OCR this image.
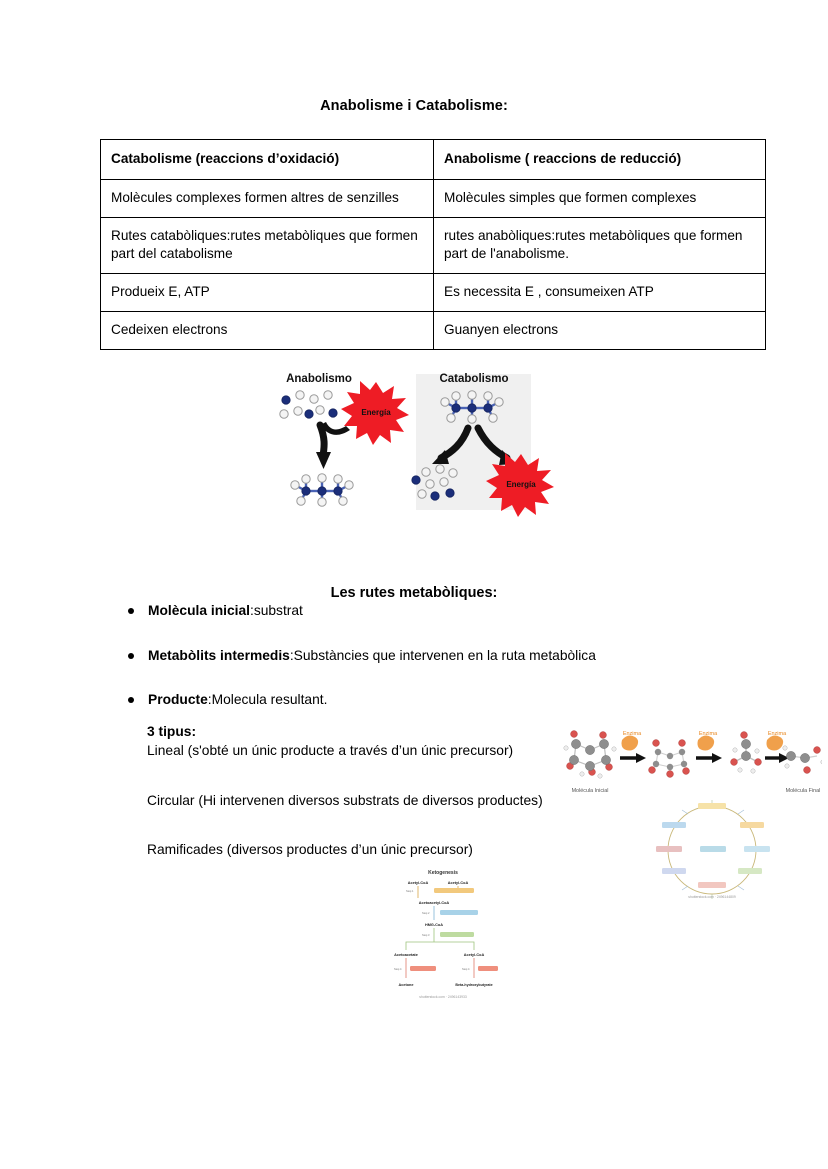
Anabolisme i Catabolisme:
Catabolisme (reaccions d’oxidació)	Anabolisme ( reaccions de reducció)
Molècules complexes formen altres de senzilles	Molècules simples que formen complexes
Rutes catabòliques:rutes metabòliques que formen part del catabolisme	rutes anabòliques:rutes metabòliques que formen part de l'anabolisme.
Produeix E, ATP	Es necessita E , consumeixen ATP
Cedeixen electrons	Guanyen electrons
Anabolismo
Energía
Catabolismo
Energía
Les rutes metabòliques:
Molècula inicial:substrat
Metabòlits intermedis:Substàncies que intervenen en la ruta metabòlica
Producte:Molecula resultant.
3 tipus:
Lineal (s'obté un únic producte a través d’un únic precursor)
Circular (Hi intervenen diversos substrats de diversos productes)
Ramificades (diversos productes d’un únic precursor)
Enzima	Enzima	Enzima
Molécula Inicial	Molécula Final
shutterstock.com · 2496144809
Ketogenesis
Acetyl-CoA	Acetyl-CoA
Step 1
Acetoacetyl-CoA
Step 2
HMG-CoA
Step 3
Acetoacetate	Acetyl-CoA
Step 4	Step 4
Acetone	Beta-hydroxybutyrate
shutterstock.com · 2496143933
